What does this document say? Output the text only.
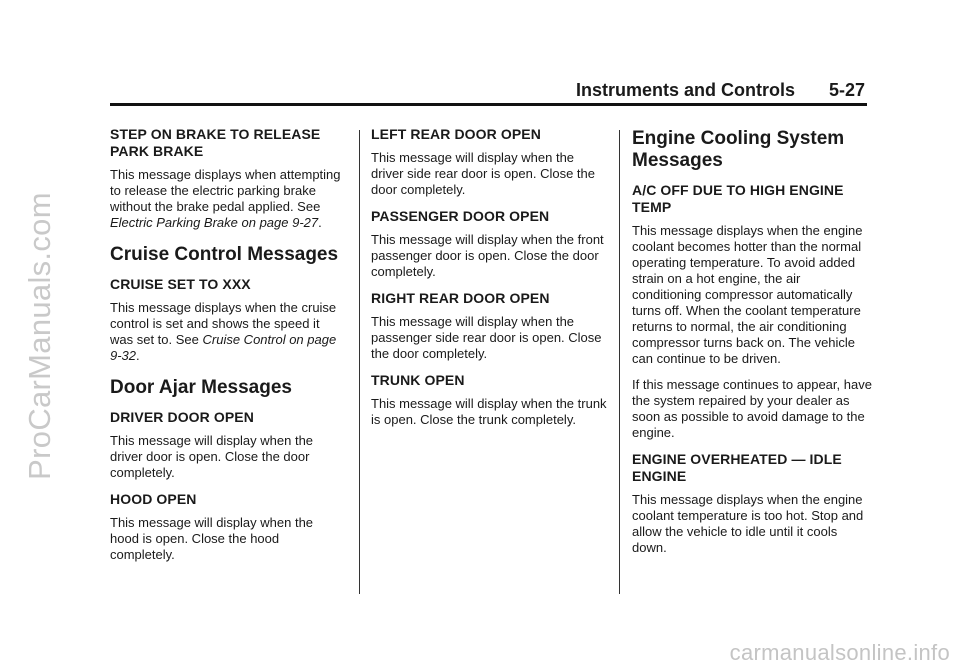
ProCarManuals.com
Instruments and Controls 5-27
STEP ON BRAKE TO RELEASE PARK BRAKE
This message displays when attempting to release the electric parking brake without the brake pedal applied. See Electric Parking Brake on page 9-27.
Cruise Control Messages
CRUISE SET TO XXX
This message displays when the cruise control is set and shows the speed it was set to. See Cruise Control on page 9-32.
Door Ajar Messages
DRIVER DOOR OPEN
This message will display when the driver door is open. Close the door completely.
HOOD OPEN
This message will display when the hood is open. Close the hood completely.
LEFT REAR DOOR OPEN
This message will display when the driver side rear door is open. Close the door completely.
PASSENGER DOOR OPEN
This message will display when the front passenger door is open. Close the door completely.
RIGHT REAR DOOR OPEN
This message will display when the passenger side rear door is open. Close the door completely.
TRUNK OPEN
This message will display when the trunk is open. Close the trunk completely.
Engine Cooling System Messages
A/C OFF DUE TO HIGH ENGINE TEMP
This message displays when the engine coolant becomes hotter than the normal operating temperature. To avoid added strain on a hot engine, the air conditioning compressor automatically turns off. When the coolant temperature returns to normal, the air conditioning compressor turns back on. The vehicle can continue to be driven.
If this message continues to appear, have the system repaired by your dealer as soon as possible to avoid damage to the engine.
ENGINE OVERHEATED — IDLE ENGINE
This message displays when the engine coolant temperature is too hot. Stop and allow the vehicle to idle until it cools down.
carmanualsonline.info
